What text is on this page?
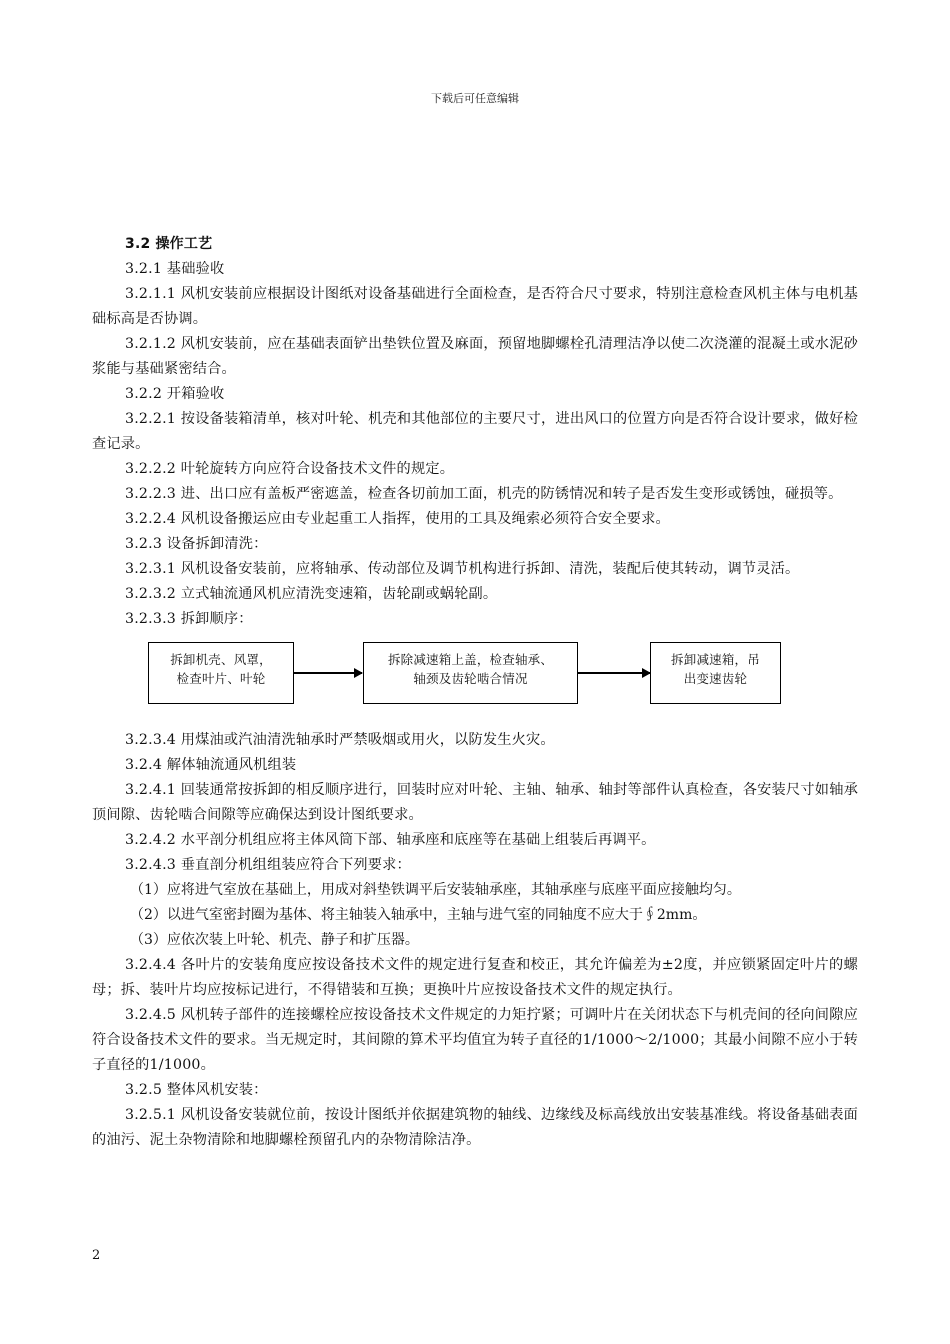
下载后可任意编辑

3.2 操作工艺

3.2.1 基础验收

3.2.1.1 风机安装前应根据设计图纸对设备基础进行全面检查，是否符合尺寸要求，特别注意检查风机主体与电机基础标高是否协调。

3.2.1.2 风机安装前，应在基础表面铲出垫铁位置及麻面，预留地脚螺栓孔清理洁净以使二次浇灌的混凝土或水泥砂浆能与基础紧密结合。

3.2.2 开箱验收

3.2.2.1 按设备装箱清单，核对叶轮、机壳和其他部位的主要尺寸，进出风口的位置方向是否符合设计要求，做好检查记录。

3.2.2.2 叶轮旋转方向应符合设备技术文件的规定。

3.2.2.3 进、出口应有盖板严密遮盖，检查各切前加工面，机壳的防锈情况和转子是否发生变形或锈蚀，碰损等。

3.2.2.4 风机设备搬运应由专业起重工人指挥，使用的工具及绳索必须符合安全要求。

3.2.3 设备拆卸清洗：

3.2.3.1 风机设备安装前，应将轴承、传动部位及调节机构进行拆卸、清洗，装配后使其转动，调节灵活。

3.2.3.2 立式轴流通风机应清洗变速箱，齿轮副或蜗轮副。

3.2.3.3 拆卸顺序：

拆卸机壳、风罩，
检查叶片、叶轮
拆除减速箱上盖，检查轴承、
轴颈及齿轮啮合情况
拆卸减速箱，吊
出变速齿轮

3.2.3.4 用煤油或汽油清洗轴承时严禁吸烟或用火，以防发生火灾。

3.2.4 解体轴流通风机组装

3.2.4.1 回装通常按拆卸的相反顺序进行，回装时应对叶轮、主轴、轴承、轴封等部件认真检查，各安装尺寸如轴承顶间隙、齿轮啮合间隙等应确保达到设计图纸要求。

3.2.4.2 水平剖分机组应将主体风筒下部、轴承座和底座等在基础上组装后再调平。

3.2.4.3 垂直剖分机组组装应符合下列要求：

（1）应将进气室放在基础上，用成对斜垫铁调平后安装轴承座，其轴承座与底座平面应接触均匀。

（2）以进气室密封圈为基体、将主轴装入轴承中，主轴与进气室的同轴度不应大于∮2mm。

（3）应依次装上叶轮、机壳、静子和扩压器。

3.2.4.4 各叶片的安装角度应按设备技术文件的规定进行复查和校正，其允许偏差为±2度，并应锁紧固定叶片的螺母；拆、装叶片均应按标记进行，不得错装和互换；更换叶片应按设备技术文件的规定执行。

3.2.4.5 风机转子部件的连接螺栓应按设备技术文件规定的力矩拧紧；可调叶片在关闭状态下与机壳间的径向间隙应符合设备技术文件的要求。当无规定时，其间隙的算术平均值宜为转子直径的1/1000～2/1000；其最小间隙不应小于转子直径的1/1000。

3.2.5 整体风机安装：

3.2.5.1 风机设备安装就位前，按设计图纸并依据建筑物的轴线、边缘线及标高线放出安装基准线。将设备基础表面的油污、泥土杂物清除和地脚螺栓预留孔内的杂物清除洁净。

2
